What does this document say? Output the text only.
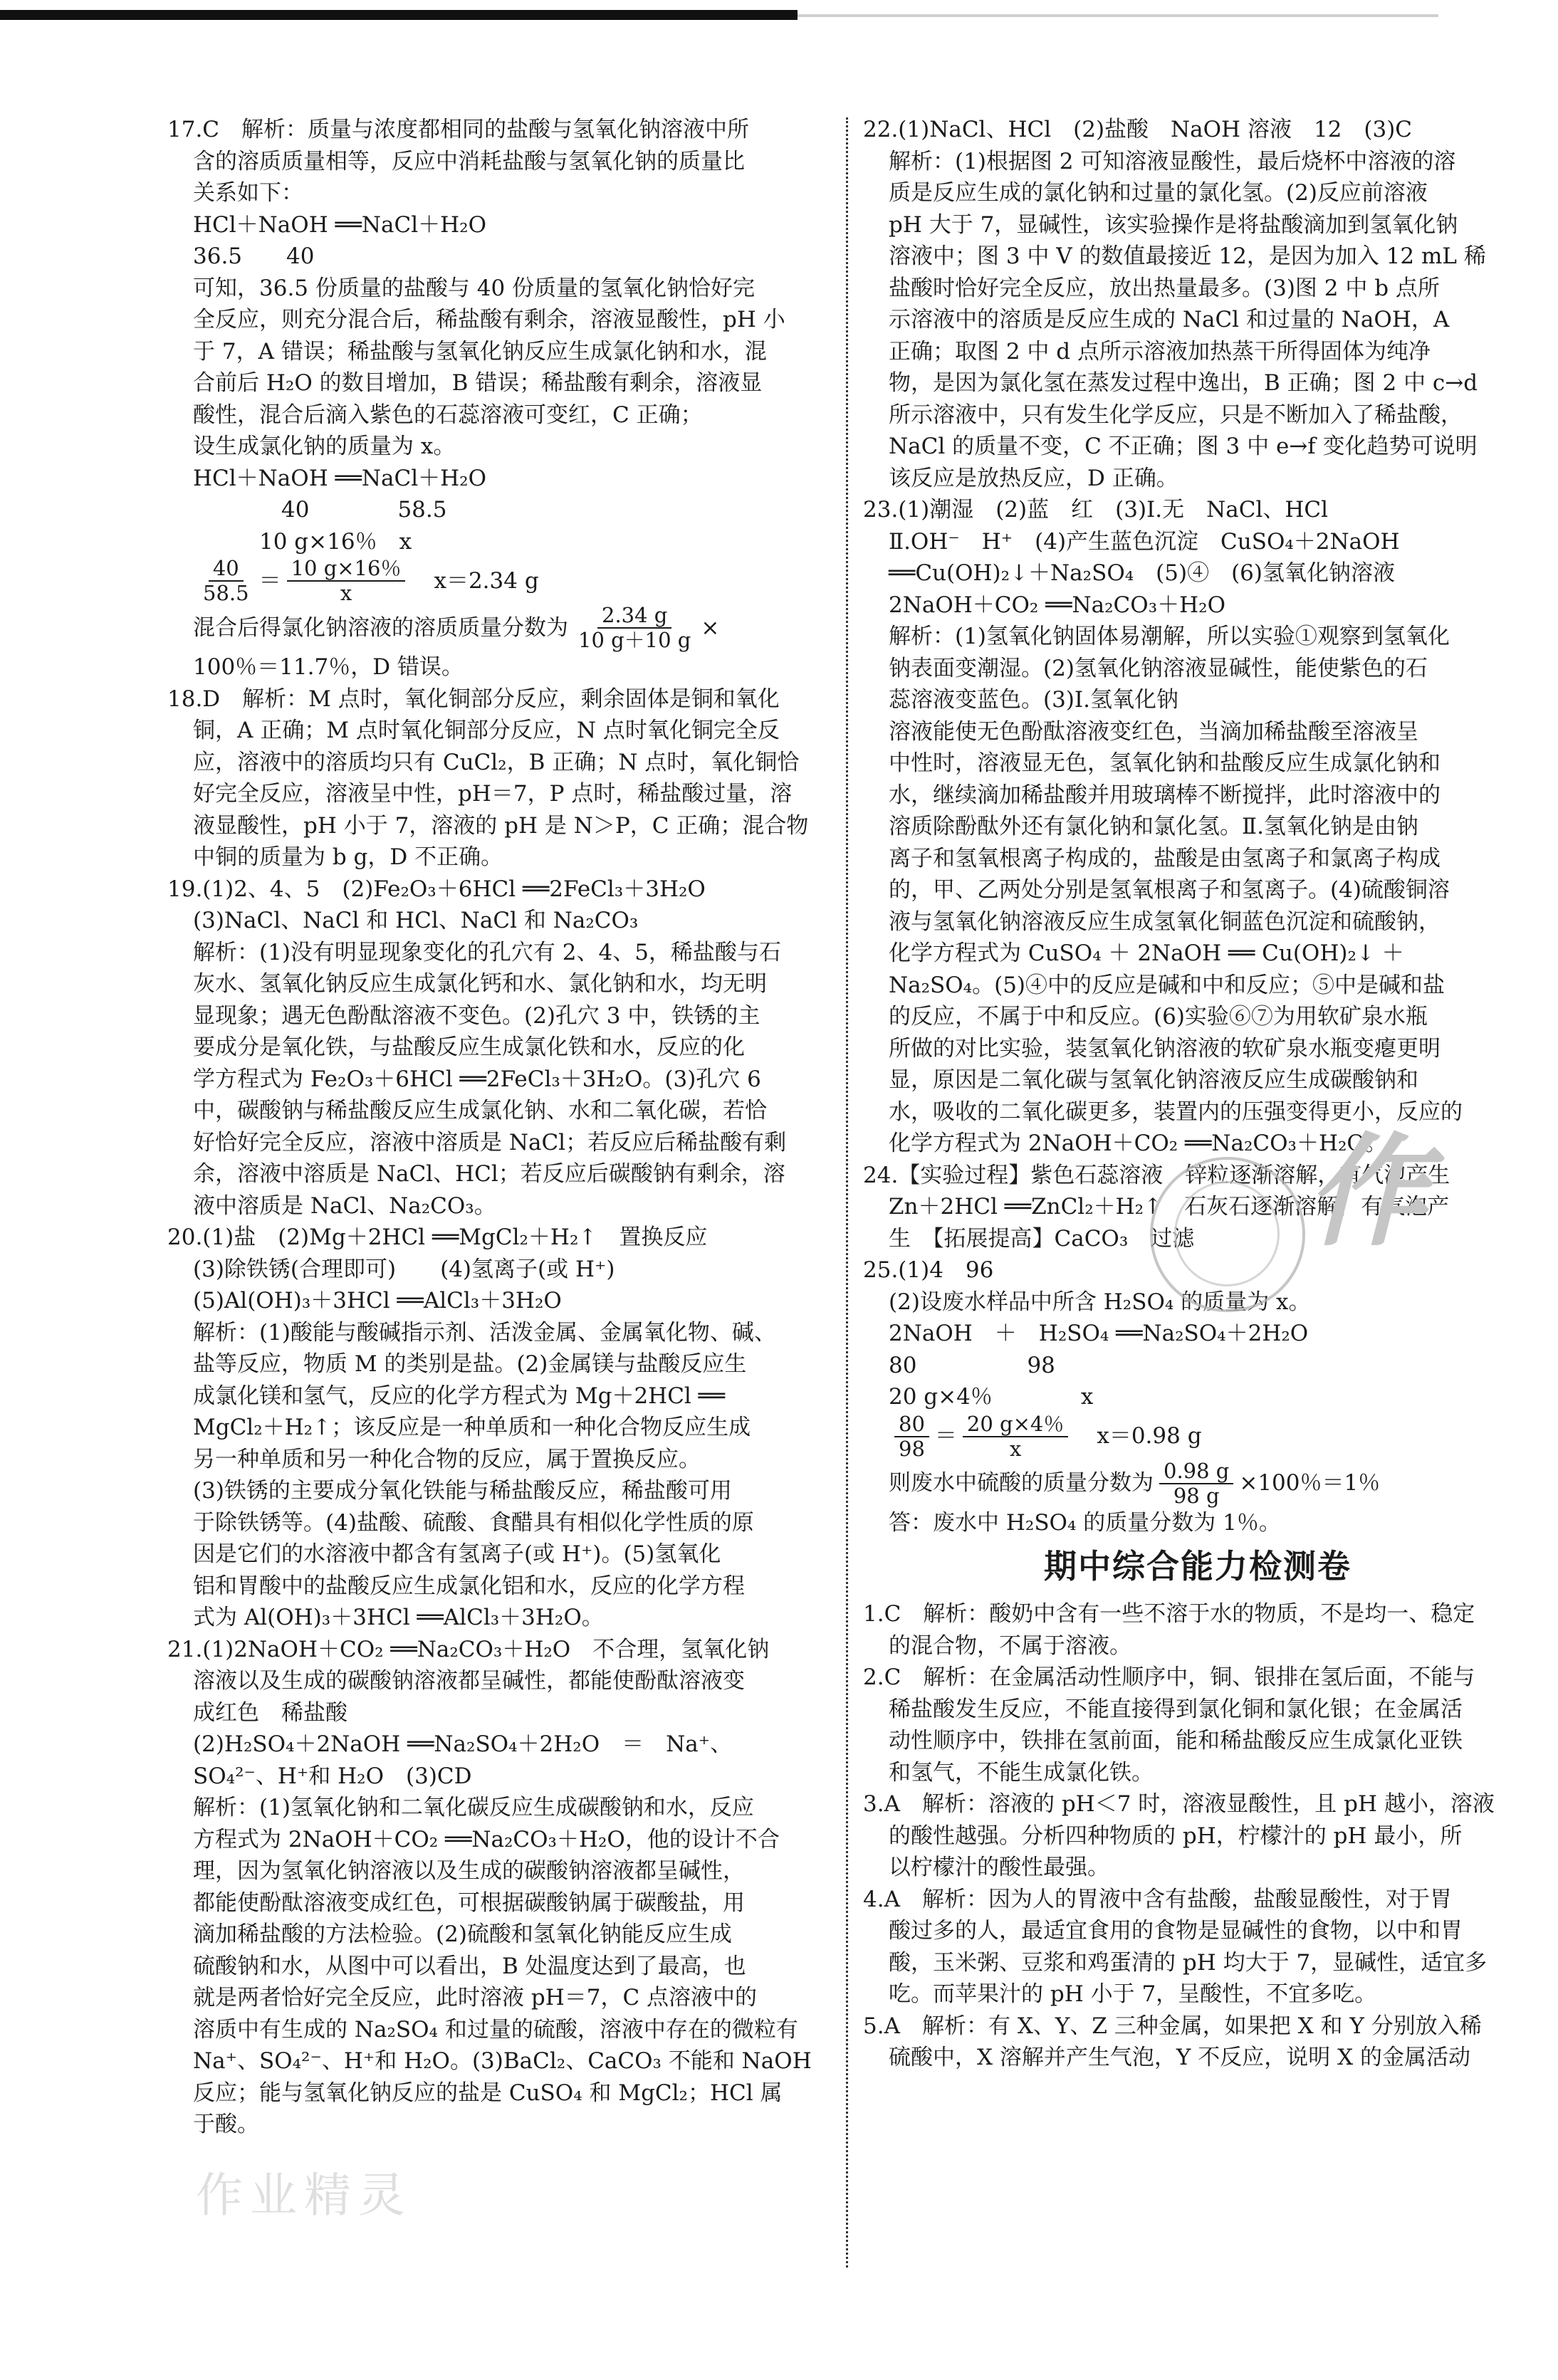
17.C　解析：质量与浓度都相同的盐酸与氢氧化钠溶液中所

含的溶质质量相等，反应中消耗盐酸与氢氧化钠的质量比

关系如下：

HCl＋NaOH ══NaCl＋H₂O

36.5　　40

可知，36.5 份质量的盐酸与 40 份质量的氢氧化钠恰好完

全反应，则充分混合后，稀盐酸有剩余，溶液显酸性，pH 小

于 7，A 错误；稀盐酸与氢氧化钠反应生成氯化钠和水，混

合前后 H₂O 的数目增加，B 错误；稀盐酸有剩余，溶液显

酸性，混合后滴入紫色的石蕊溶液可变红，C 正确；

设生成氯化钠的质量为 x。

HCl＋NaOH ══NaCl＋H₂O

　　　　40　　　　58.5

　　　10 g×16％　x

$\frac{40}{58.5} = \frac{10 g\times 16\%}{x} x=2.34$ g
混合后得氯化钠溶液的溶质质量分数为 $\frac{2.34 g}{10 g+10 g}$ ×

100％＝11.7％，D 错误。

18.D　解析：M 点时，氧化铜部分反应，剩余固体是铜和氧化

铜，A 正确；M 点时氧化铜部分反应，N 点时氧化铜完全反

应，溶液中的溶质均只有 CuCl₂，B 正确；N 点时，氧化铜恰

好完全反应，溶液呈中性，pH＝7，P 点时，稀盐酸过量，溶

液显酸性，pH 小于 7，溶液的 pH 是 N＞P，C 正确；混合物

中铜的质量为 b g，D 不正确。

19.(1)2、4、5　(2)Fe₂O₃＋6HCl ══2FeCl₃＋3H₂O

(3)NaCl、NaCl 和 HCl、NaCl 和 Na₂CO₃

解析：(1)没有明显现象变化的孔穴有 2、4、5，稀盐酸与石

灰水、氢氧化钠反应生成氯化钙和水、氯化钠和水，均无明

显现象；遇无色酚酞溶液不变色。(2)孔穴 3 中，铁锈的主

要成分是氧化铁，与盐酸反应生成氯化铁和水，反应的化

学方程式为 Fe₂O₃＋6HCl ══2FeCl₃＋3H₂O。(3)孔穴 6

中，碳酸钠与稀盐酸反应生成氯化钠、水和二氧化碳，若恰

好恰好完全反应，溶液中溶质是 NaCl；若反应后稀盐酸有剩

余，溶液中溶质是 NaCl、HCl；若反应后碳酸钠有剩余，溶

液中溶质是 NaCl、Na₂CO₃。

20.(1)盐　(2)Mg＋2HCl ══MgCl₂＋H₂↑　置换反应

(3)除铁锈(合理即可)　　(4)氢离子(或 H⁺)

(5)Al(OH)₃＋3HCl ══AlCl₃＋3H₂O

解析：(1)酸能与酸碱指示剂、活泼金属、金属氧化物、碱、

盐等反应，物质 M 的类别是盐。(2)金属镁与盐酸反应生

成氯化镁和氢气，反应的化学方程式为 Mg＋2HCl ══

MgCl₂＋H₂↑；该反应是一种单质和一种化合物反应生成

另一种单质和另一种化合物的反应，属于置换反应。

(3)铁锈的主要成分氧化铁能与稀盐酸反应，稀盐酸可用

于除铁锈等。(4)盐酸、硫酸、食醋具有相似化学性质的原

因是它们的水溶液中都含有氢离子(或 H⁺)。(5)氢氧化

铝和胃酸中的盐酸反应生成氯化铝和水，反应的化学方程

式为 Al(OH)₃＋3HCl ══AlCl₃＋3H₂O。

21.(1)2NaOH＋CO₂ ══Na₂CO₃＋H₂O　不合理，氢氧化钠

溶液以及生成的碳酸钠溶液都呈碱性，都能使酚酞溶液变

成红色　稀盐酸

(2)H₂SO₄＋2NaOH ══Na₂SO₄＋2H₂O　＝　Na⁺、

SO₄²⁻、H⁺和 H₂O　(3)CD

解析：(1)氢氧化钠和二氧化碳反应生成碳酸钠和水，反应

方程式为 2NaOH＋CO₂ ══Na₂CO₃＋H₂O，他的设计不合

理，因为氢氧化钠溶液以及生成的碳酸钠溶液都呈碱性，

都能使酚酞溶液变成红色，可根据碳酸钠属于碳酸盐，用

滴加稀盐酸的方法检验。(2)硫酸和氢氧化钠能反应生成

硫酸钠和水，从图中可以看出，B 处温度达到了最高，也

就是两者恰好完全反应，此时溶液 pH＝7，C 点溶液中的

溶质中有生成的 Na₂SO₄ 和过量的硫酸，溶液中存在的微粒有

Na⁺、SO₄²⁻、H⁺和 H₂O。(3)BaCl₂、CaCO₃ 不能和 NaOH

反应；能与氢氧化钠反应的盐是 CuSO₄ 和 MgCl₂；HCl 属

于酸。

22.(1)NaCl、HCl　(2)盐酸　NaOH 溶液　12　(3)C

解析：(1)根据图 2 可知溶液显酸性，最后烧杯中溶液的溶

质是反应生成的氯化钠和过量的氯化氢。(2)反应前溶液

pH 大于 7，显碱性，该实验操作是将盐酸滴加到氢氧化钠

溶液中；图 3 中 V 的数值最接近 12，是因为加入 12 mL 稀

盐酸时恰好完全反应，放出热量最多。(3)图 2 中 b 点所

示溶液中的溶质是反应生成的 NaCl 和过量的 NaOH，A

正确；取图 2 中 d 点所示溶液加热蒸干所得固体为纯净

物，是因为氯化氢在蒸发过程中逸出，B 正确；图 2 中 c→d

所示溶液中，只有发生化学反应，只是不断加入了稀盐酸，

NaCl 的质量不变，C 不正确；图 3 中 e→f 变化趋势可说明

该反应是放热反应，D 正确。

23.(1)潮湿　(2)蓝　红　(3)Ⅰ.无　NaCl、HCl

Ⅱ.OH⁻　H⁺　(4)产生蓝色沉淀　CuSO₄＋2NaOH

══Cu(OH)₂↓＋Na₂SO₄　(5)④　(6)氢氧化钠溶液

2NaOH＋CO₂ ══Na₂CO₃＋H₂O

解析：(1)氢氧化钠固体易潮解，所以实验①观察到氢氧化

钠表面变潮湿。(2)氢氧化钠溶液显碱性，能使紫色的石

蕊溶液变蓝色。(3)Ⅰ.氢氧化钠

溶液能使无色酚酞溶液变红色，当滴加稀盐酸至溶液呈

中性时，溶液显无色，氢氧化钠和盐酸反应生成氯化钠和

水，继续滴加稀盐酸并用玻璃棒不断搅拌，此时溶液中的

溶质除酚酞外还有氯化钠和氯化氢。Ⅱ.氢氧化钠是由钠

离子和氢氧根离子构成的，盐酸是由氢离子和氯离子构成

的，甲、乙两处分别是氢氧根离子和氢离子。(4)硫酸铜溶

液与氢氧化钠溶液反应生成氢氧化铜蓝色沉淀和硫酸钠，

化学方程式为 CuSO₄ ＋ 2NaOH ══ Cu(OH)₂↓ ＋

Na₂SO₄。(5)④中的反应是碱和中和反应；⑤中是碱和盐

的反应，不属于中和反应。(6)实验⑥⑦为用软矿泉水瓶

所做的对比实验，装氢氧化钠溶液的软矿泉水瓶变瘪更明

显，原因是二氧化碳与氢氧化钠溶液反应生成碳酸钠和

水，吸收的二氧化碳更多，装置内的压强变得更小，反应的

化学方程式为 2NaOH＋CO₂ ══Na₂CO₃＋H₂O。

24.【实验过程】紫色石蕊溶液　锌粒逐渐溶解，有气泡产生

Zn＋2HCl ══ZnCl₂＋H₂↑　石灰石逐渐溶解，有气泡产

生　【拓展提高】CaCO₃　过滤

25.(1)4　96

(2)设废水样品中所含 H₂SO₄ 的质量为 x。

2NaOH　＋　H₂SO₄ ══Na₂SO₄＋2H₂O

80　　　　　98

20 g×4％　　　　x

$\frac{80}{98} = \frac{20 g\times 4\%}{x} x=0.98$ g
则废水中硫酸的质量分数为 $\frac{0.98 g}{98 g} \times 100$％＝1％

答：废水中 H₂SO₄ 的质量分数为 1％。

期中综合能力检测卷

1.C　解析：酸奶中含有一些不溶于水的物质，不是均一、稳定

的混合物，不属于溶液。

2.C　解析：在金属活动性顺序中，铜、银排在氢后面，不能与

稀盐酸发生反应，不能直接得到氯化铜和氯化银；在金属活

动性顺序中，铁排在氢前面，能和稀盐酸反应生成氯化亚铁

和氢气，不能生成氯化铁。

3.A　解析：溶液的 pH＜7 时，溶液显酸性，且 pH 越小，溶液

的酸性越强。分析四种物质的 pH，柠檬汁的 pH 最小，所

以柠檬汁的酸性最强。

4.A　解析：因为人的胃液中含有盐酸，盐酸显酸性，对于胃

酸过多的人，最适宜食用的食物是显碱性的食物，以中和胃

酸，玉米粥、豆浆和鸡蛋清的 pH 均大于 7，显碱性，适宜多

吃。而苹果汁的 pH 小于 7，呈酸性，不宜多吃。

5.A　解析：有 X、Y、Z 三种金属，如果把 X 和 Y 分别放入稀

硫酸中，X 溶解并产生气泡，Y 不反应，说明 X 的金属活动

作
作业精灵
